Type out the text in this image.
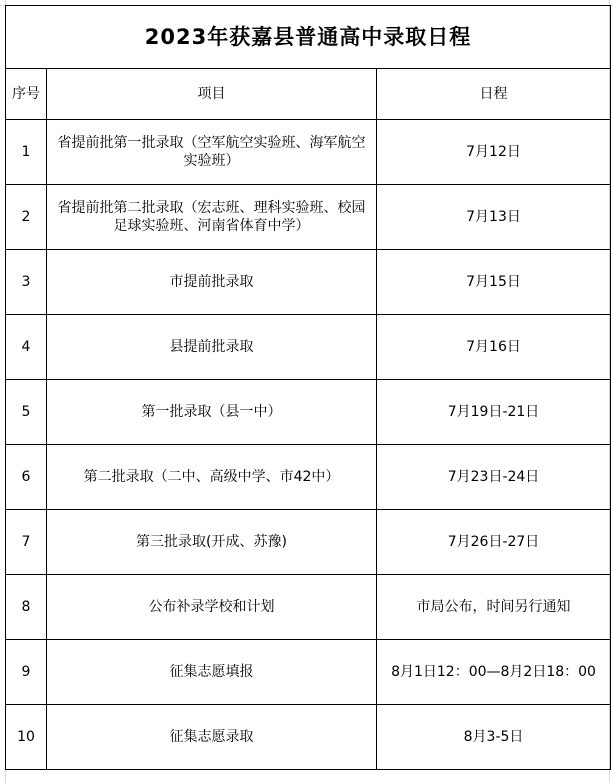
2023年获嘉县普通高中录取日程		
序号	项目	日程
1	省提前批第一批录取（空军航空实验班、海军航空实验班）	7月12日
2	省提前批第二批录取（宏志班、理科实验班、校园足球实验班、河南省体育中学）	7月13日
3	市提前批录取	7月15日
4	县提前批录取	7月16日
5	第一批录取（县一中）	7月19日-21日
6	第二批录取（二中、高级中学、市42中）	7月23日-24日
7	第三批录取(开成、苏豫)	7月26日-27日
8	公布补录学校和计划	市局公布，时间另行通知
9	征集志愿填报	8月1日12：00—8月2日18：00
10	征集志愿录取	8月3-5日
